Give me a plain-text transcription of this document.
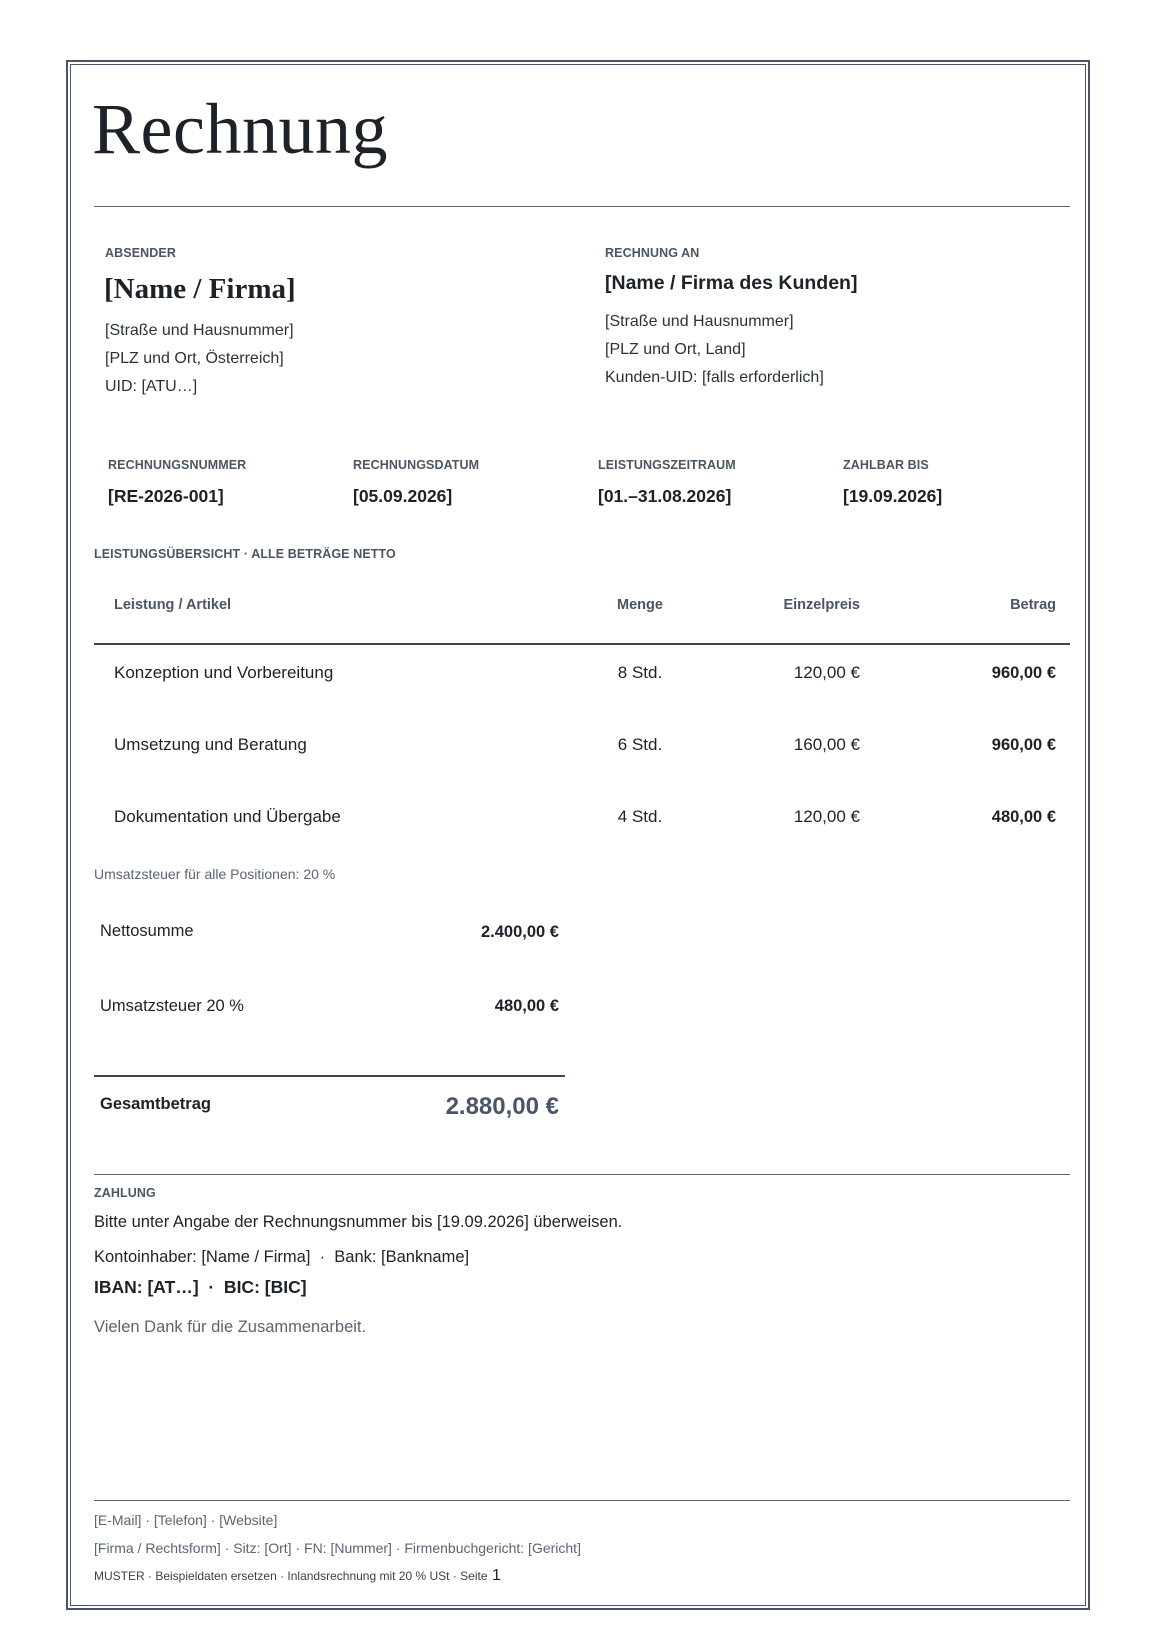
Rechnung
ABSENDER
[Name / Firma]
[Straße und Hausnummer]
[PLZ und Ort, Österreich]
UID: [ATU…]
RECHNUNG AN
[Name / Firma des Kunden]
[Straße und Hausnummer]
[PLZ und Ort, Land]
Kunden-UID: [falls erforderlich]
RECHNUNGSNUMMER
[RE-2026-001]
RECHNUNGSDATUM
[05.09.2026]
LEISTUNGSZEITRAUM
[01.–31.08.2026]
ZAHLBAR BIS
[19.09.2026]
LEISTUNGSÜBERSICHT · ALLE BETRÄGE NETTO
Leistung / Artikel	Menge	Einzelpreis	Betrag
Konzeption und Vorbereitung	8 Std.	120,00 €	960,00 €
Umsetzung und Beratung	6 Std.	160,00 €	960,00 €
Dokumentation und Übergabe	4 Std.	120,00 €	480,00 €
Umsatzsteuer für alle Positionen: 20 %
Nettosumme	2.400,00 €
Umsatzsteuer 20 %	480,00 €
Gesamtbetrag	2.880,00 €
ZAHLUNG
Bitte unter Angabe der Rechnungsnummer bis [19.09.2026] überweisen.
Kontoinhaber: [Name / Firma]  ·  Bank: [Bankname]
IBAN: [AT…]  ·  BIC: [BIC]
Vielen Dank für die Zusammenarbeit.
[E-Mail] · [Telefon] · [Website]
[Firma / Rechtsform] · Sitz: [Ort] · FN: [Nummer] · Firmenbuchgericht: [Gericht]
MUSTER · Beispieldaten ersetzen · Inlandsrechnung mit 20 % USt · Seite 1
